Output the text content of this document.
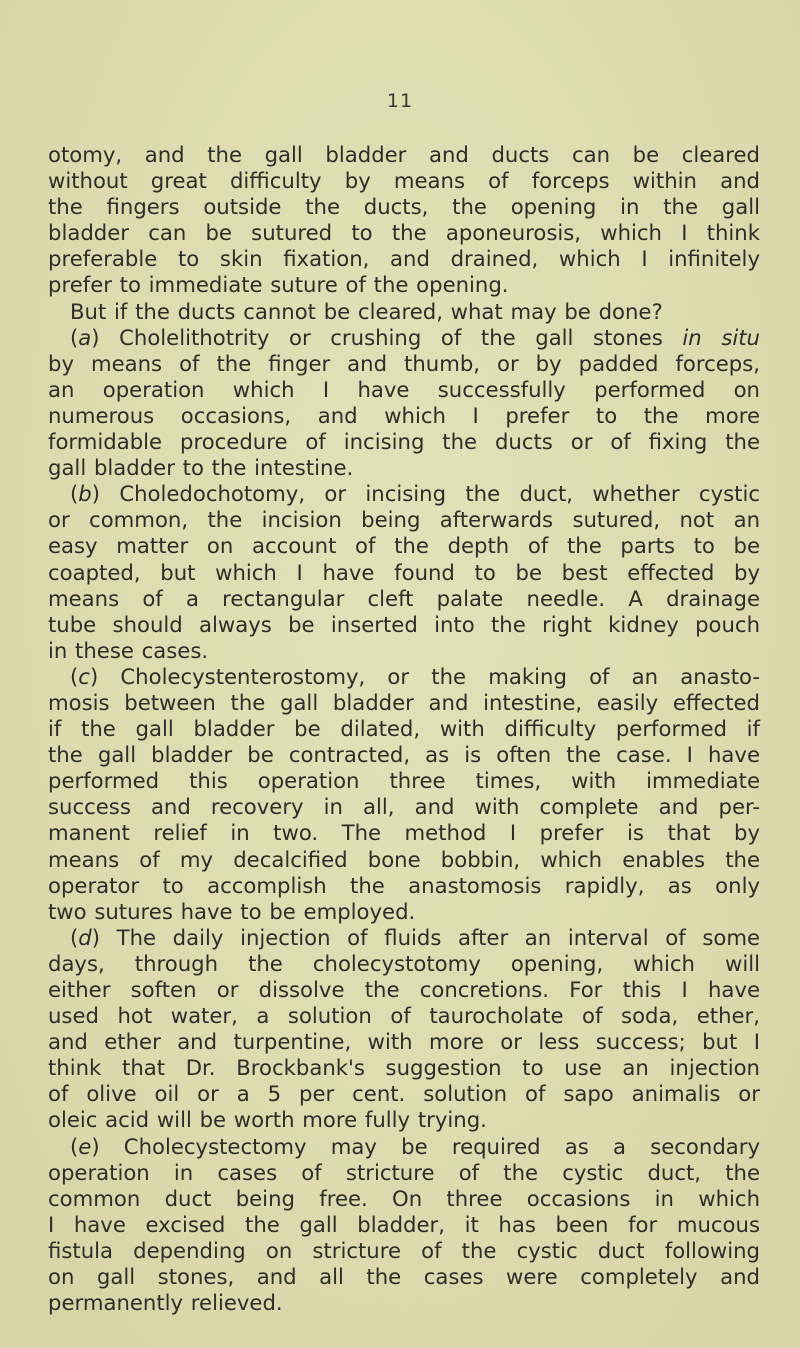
11
otomy, and the gall bladder and ducts can be cleared
without great difficulty by means of forceps within and
the fingers outside the ducts, the opening in the gall
bladder can be sutured to the aponeurosis, which I think
preferable to skin fixation, and drained, which I infinitely
prefer to immediate suture of the opening.
But if the ducts cannot be cleared, what may be done?
(a) Cholelithotrity or crushing of the gall stones in situ
by means of the finger and thumb, or by padded forceps,
an operation which I have successfully performed on
numerous occasions, and which I prefer to the more
formidable procedure of incising the ducts or of fixing the
gall bladder to the intestine.
(b) Choledochotomy, or incising the duct, whether cystic
or common, the incision being afterwards sutured, not an
easy matter on account of the depth of the parts to be
coapted, but which I have found to be best effected by
means of a rectangular cleft palate needle. A drainage
tube should always be inserted into the right kidney pouch
in these cases.
(c) Cholecystenterostomy, or the making of an anasto-
mosis between the gall bladder and intestine, easily effected
if the gall bladder be dilated, with difficulty performed if
the gall bladder be contracted, as is often the case. I have
performed this operation three times, with immediate
success and recovery in all, and with complete and per-
manent relief in two. The method I prefer is that by
means of my decalcified bone bobbin, which enables the
operator to accomplish the anastomosis rapidly, as only
two sutures have to be employed.
(d) The daily injection of fluids after an interval of some
days, through the cholecystotomy opening, which will
either soften or dissolve the concretions. For this I have
used hot water, a solution of taurocholate of soda, ether,
and ether and turpentine, with more or less success; but I
think that Dr. Brockbank's suggestion to use an injection
of olive oil or a 5 per cent. solution of sapo animalis or
oleic acid will be worth more fully trying.
(e) Cholecystectomy may be required as a secondary
operation in cases of stricture of the cystic duct, the
common duct being free. On three occasions in which
I have excised the gall bladder, it has been for mucous
fistula depending on stricture of the cystic duct following
on gall stones, and all the cases were completely and
permanently relieved.
